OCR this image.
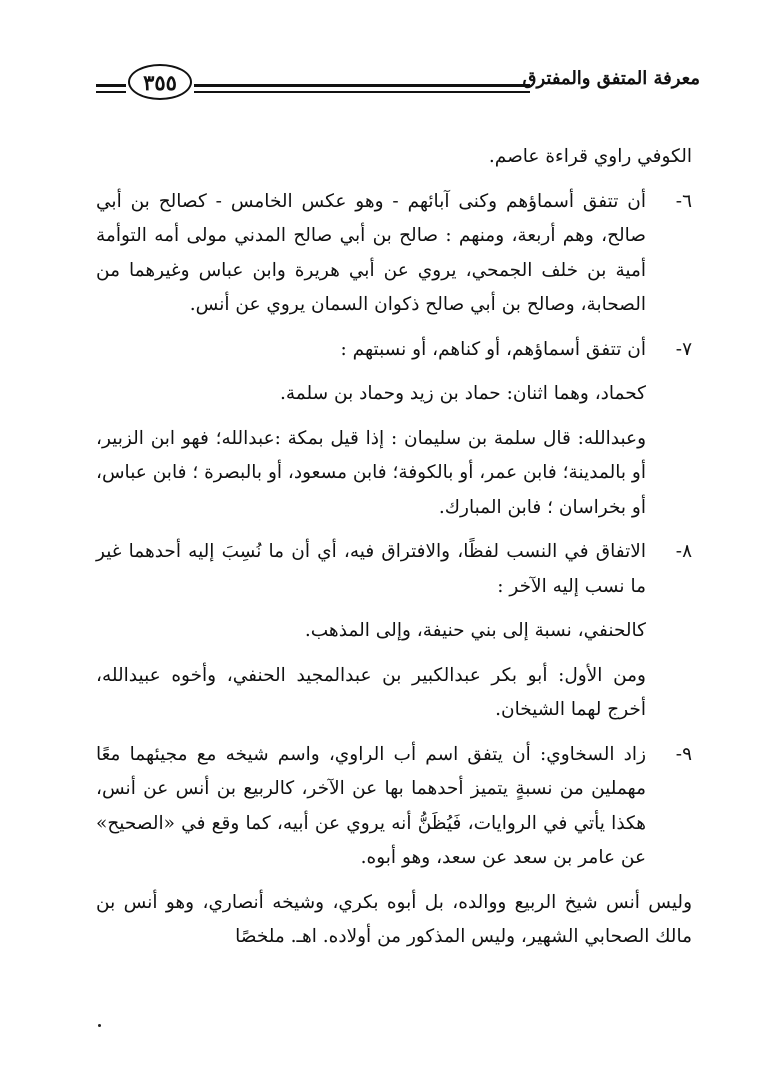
٣٥٥	معرفة المتفق والمفترق

الكوفي راوي قراءة عاصم.

٦-
أن تتفق أسماؤهم وكنى آبائهم - وهو عكس الخامس - كصالح بن أبي صالح، وهم أربعة، ومنهم : صالح بن أبي صالح المدني مولى أمه التوأمة أمية بن خلف الجمحي، يروي عن أبي هريرة وابن عباس وغيرهما من الصحابة، وصالح بن أبي صالح ذكوان السمان يروي عن أنس.
٧-
أن تتفق أسماؤهم، أو كناهم، أو نسبتهم :

كحماد، وهما اثنان: حماد بن زيد وحماد بن سلمة.

وعبدالله: قال سلمة بن سليمان : إذا قيل بمكة :عبدالله؛ فهو ابن الزبير، أو بالمدينة؛ فابن عمر، أو بالكوفة؛ فابن مسعود، أو بالبصرة ؛ فابن عباس، أو بخراسان ؛ فابن المبارك.

٨-
الاتفاق في النسب لفظًا، والافتراق فيه، أي أن ما نُسِبَ إليه أحدهما غير ما نسب إليه الآخر :

كالحنفي، نسبة إلى بني حنيفة، وإلى المذهب.

ومن الأول: أبو بكر عبدالكبير بن عبدالمجيد الحنفي، وأخوه عبيدالله، أخرج لهما الشيخان.

٩-
زاد السخاوي: أن يتفق اسم أب الراوي، واسم شيخه مع مجيئهما معًا مهملين من نسبةٍ يتميز أحدهما بها عن الآخر، كالربيع بن أنس عن أنس، هكذا يأتي في الروايات، فَيُظَنُّ أنه يروي عن أبيه، كما وقع في «الصحيح» عن عامر بن سعد عن سعد، وهو أبوه.

وليس أنس شيخ الربيع ووالده، بل أبوه بكري، وشيخه أنصاري، وهو أنس بن مالك الصحابي الشهير، وليس المذكور من أولاده. اهـ. ملخصًا
